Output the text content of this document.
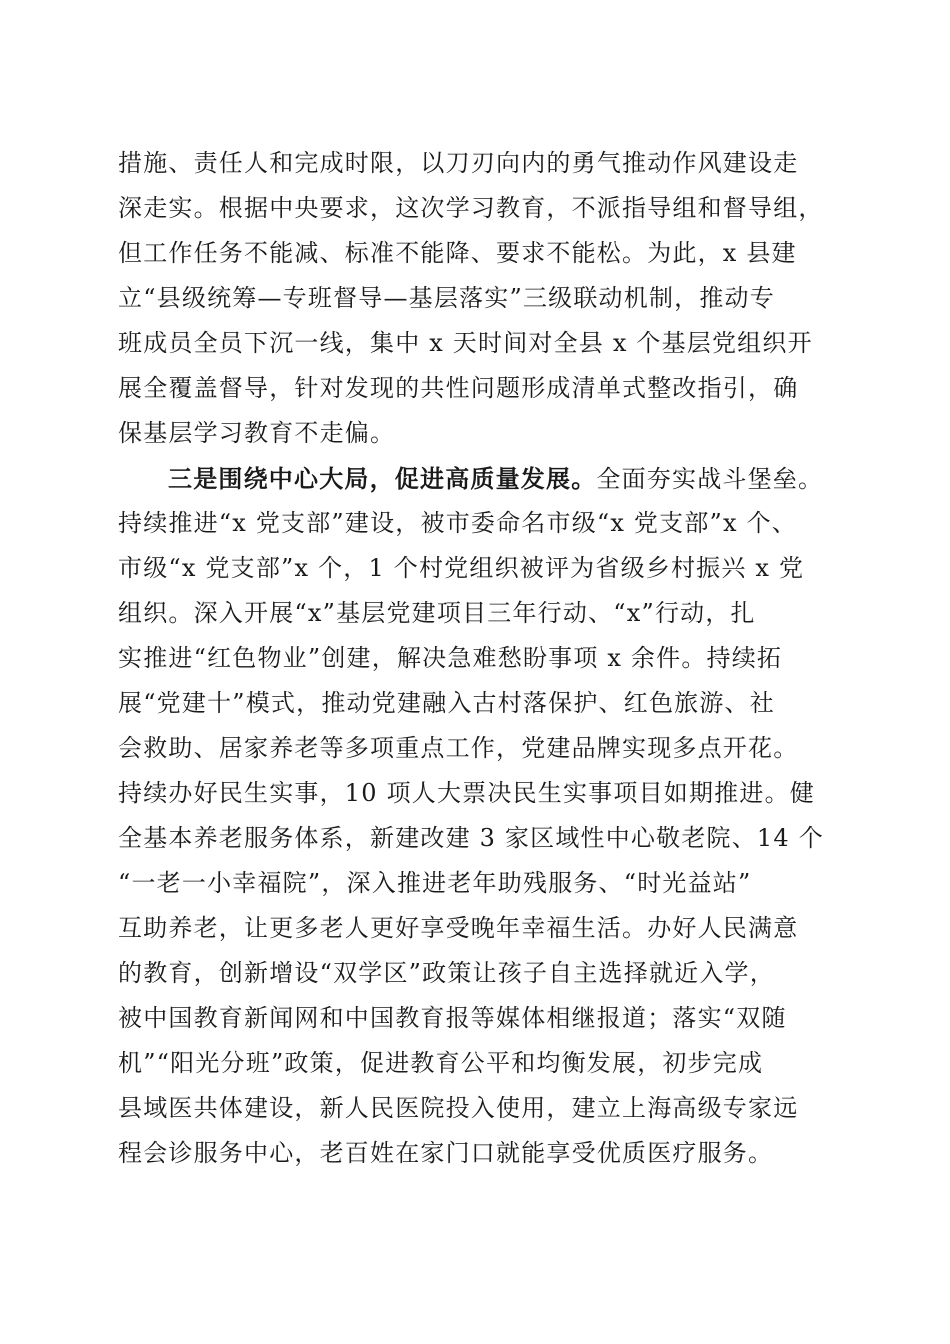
措施、责任人和完成时限，以刀刃向内的勇气推动作风建设走
深走实。根据中央要求，这次学习教育，不派指导组和督导组，
但工作任务不能减、标准不能降、要求不能松。为此，x 县建
立“县级统筹—专班督导—基层落实”三级联动机制，推动专
班成员全员下沉一线，集中 x 天时间对全县 x 个基层党组织开
展全覆盖督导，针对发现的共性问题形成清单式整改指引，确
保基层学习教育不走偏。
三是围绕中心大局，促进高质量发展。全面夯实战斗堡垒。
持续推进“x 党支部”建设，被市委命名市级“x 党支部”x 个、
市级“x 党支部”x 个，1 个村党组织被评为省级乡村振兴 x 党
组织。深入开展“x”基层党建项目三年行动、“x”行动，扎
实推进“红色物业”创建，解决急难愁盼事项 x 余件。持续拓
展“党建十”模式，推动党建融入古村落保护、红色旅游、社
会救助、居家养老等多项重点工作，党建品牌实现多点开花。
持续办好民生实事，10 项人大票决民生实事项目如期推进。健
全基本养老服务体系，新建改建 3 家区域性中心敬老院、14 个
“一老一小幸福院”，深入推进老年助残服务、“时光益站”
互助养老，让更多老人更好享受晚年幸福生活。办好人民满意
的教育，创新增设“双学区”政策让孩子自主选择就近入学，
被中国教育新闻网和中国教育报等媒体相继报道；落实“双随
机”“阳光分班”政策，促进教育公平和均衡发展，初步完成
县域医共体建设，新人民医院投入使用，建立上海高级专家远
程会诊服务中心，老百姓在家门口就能享受优质医疗服务。
